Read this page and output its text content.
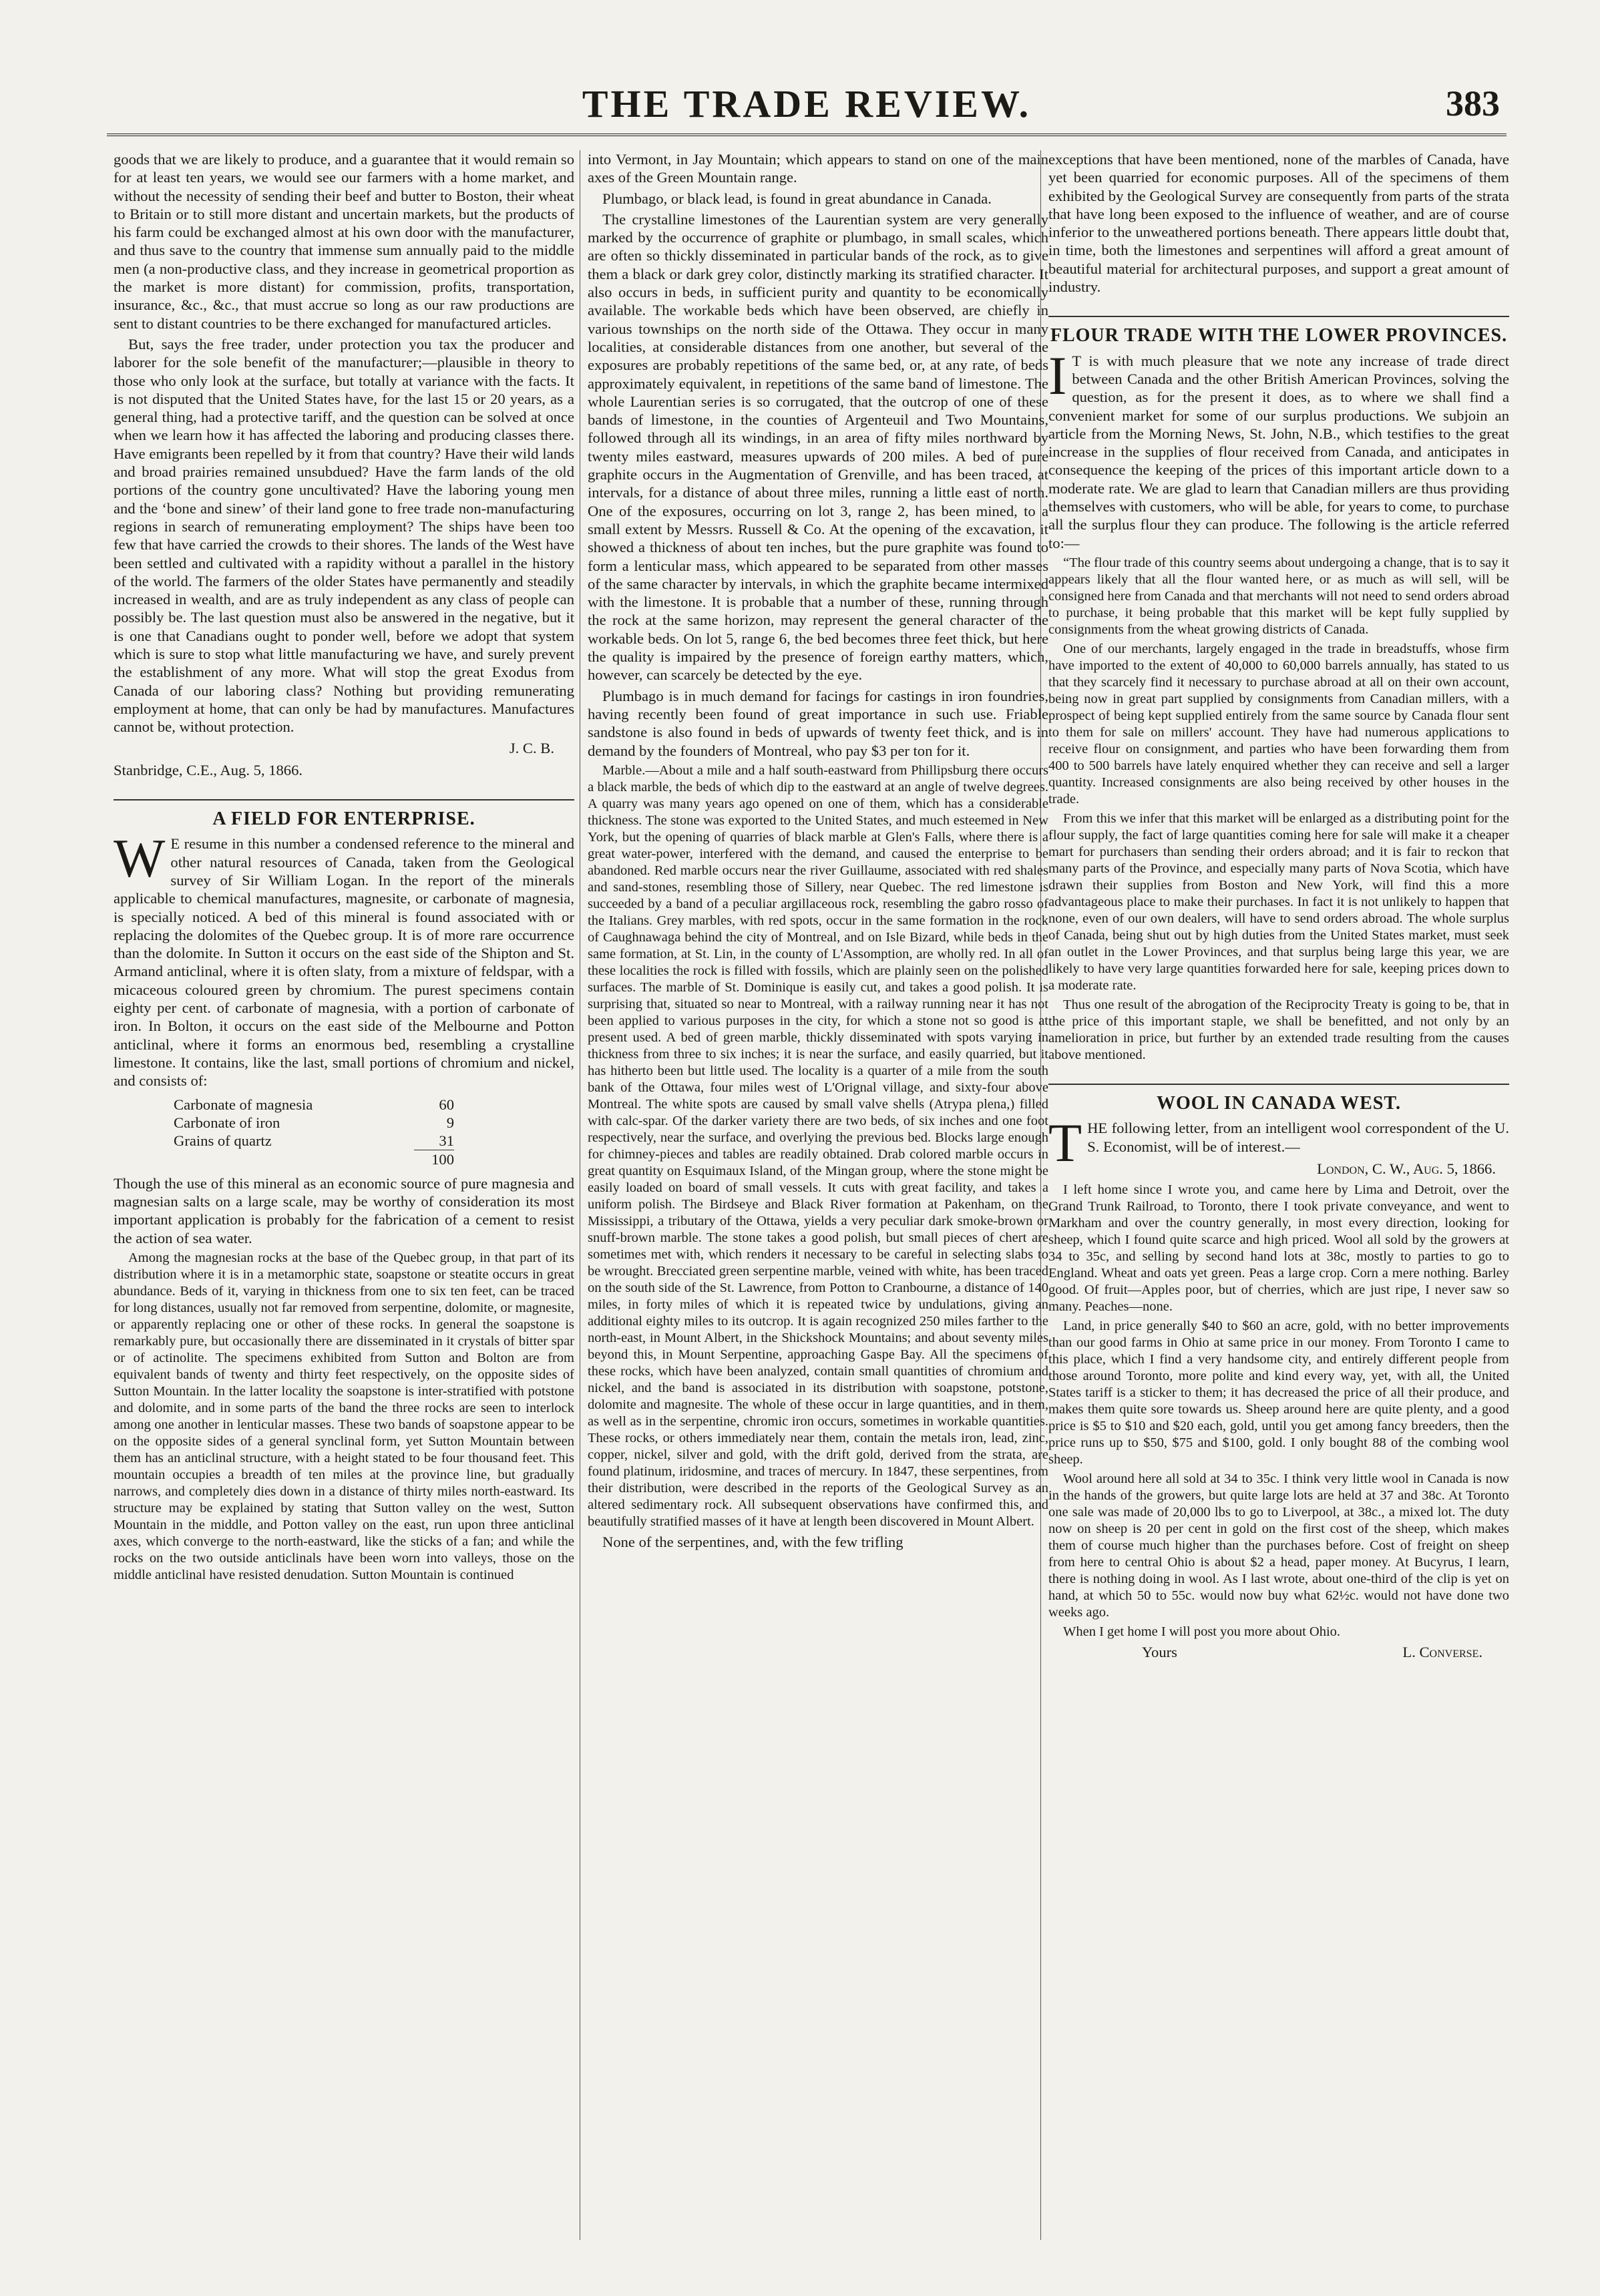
THE TRADE REVIEW.	383

goods that we are likely to produce, and a guarantee that it would remain so for at least ten years, we would see our farmers with a home market, and without the necessity of sending their beef and butter to Boston, their wheat to Britain or to still more distant and uncertain markets, but the products of his farm could be exchanged almost at his own door with the manufacturer, and thus save to the country that immense sum annually paid to the middle men (a non-productive class, and they increase in geometrical proportion as the market is more distant) for commission, profits, transportation, insurance, &c., &c., that must accrue so long as our raw productions are sent to distant countries to be there exchanged for manufactured articles.

But, says the free trader, under protection you tax the producer and laborer for the sole benefit of the manufacturer;—plausible in theory to those who only look at the surface, but totally at variance with the facts. It is not disputed that the United States have, for the last 15 or 20 years, as a general thing, had a protective tariff, and the question can be solved at once when we learn how it has affected the laboring and producing classes there. Have emigrants been repelled by it from that country? Have their wild lands and broad prairies remained unsubdued? Have the farm lands of the old portions of the country gone uncultivated? Have the laboring young men and the ‘bone and sinew’ of their land gone to free trade non-manufacturing regions in search of remunerating employment? The ships have been too few that have carried the crowds to their shores. The lands of the West have been settled and cultivated with a rapidity without a parallel in the history of the world. The farmers of the older States have permanently and steadily increased in wealth, and are as truly independent as any class of people can possibly be. The last question must also be answered in the negative, but it is one that Canadians ought to ponder well, before we adopt that system which is sure to stop what little manufacturing we have, and surely prevent the establishment of any more. What will stop the great Exodus from Canada of our laboring class? Nothing but providing remunerating employment at home, that can only be had by manufactures. Manufactures cannot be, without protection.

J. C. B.

Stanbridge, C.E., Aug. 5, 1866.

A FIELD FOR ENTERPRISE.

WE resume in this number a condensed reference to the mineral and other natural resources of Canada, taken from the Geological survey of Sir William Logan. In the report of the minerals applicable to chemical manufactures, magnesite, or carbonate of magnesia, is specially noticed. A bed of this mineral is found associated with or replacing the dolomites of the Quebec group. It is of more rare occurrence than the dolomite. In Sutton it occurs on the east side of the Shipton and St. Armand anticlinal, where it is often slaty, from a mixture of feldspar, with a micaceous coloured green by chromium. The purest specimens contain eighty per cent. of carbonate of magnesia, with a portion of carbonate of iron. In Bolton, it occurs on the east side of the Melbourne and Potton anticlinal, where it forms an enormous bed, resembling a crystalline limestone. It contains, like the last, small portions of chromium and nickel, and consists of:

Carbonate of magnesia	60
Carbonate of iron	9
Grains of quartz	31
100

Though the use of this mineral as an economic source of pure magnesia and magnesian salts on a large scale, may be worthy of consideration its most important application is probably for the fabrication of a cement to resist the action of sea water.

Among the magnesian rocks at the base of the Quebec group, in that part of its distribution where it is in a metamorphic state, soapstone or steatite occurs in great abundance. Beds of it, varying in thickness from one to six ten feet, can be traced for long distances, usually not far removed from serpentine, dolomite, or magnesite, or apparently replacing one or other of these rocks. In general the soapstone is remarkably pure, but occasionally there are disseminated in it crystals of bitter spar or of actinolite. The specimens exhibited from Sutton and Bolton are from equivalent bands of twenty and thirty feet respectively, on the opposite sides of Sutton Mountain. In the latter locality the soapstone is inter-stratified with potstone and dolomite, and in some parts of the band the three rocks are seen to interlock among one another in lenticular masses. These two bands of soapstone appear to be on the opposite sides of a general synclinal form, yet Sutton Mountain between them has an anticlinal structure, with a height stated to be four thousand feet. This mountain occupies a breadth of ten miles at the province line, but gradually narrows, and completely dies down in a distance of thirty miles north-eastward. Its structure may be explained by stating that Sutton valley on the west, Sutton Mountain in the middle, and Potton valley on the east, run upon three anticlinal axes, which converge to the north-eastward, like the sticks of a fan; and while the rocks on the two outside anticlinals have been worn into valleys, those on the middle anticlinal have resisted denudation. Sutton Mountain is continued

into Vermont, in Jay Mountain; which appears to stand on one of the main axes of the Green Mountain range.

Plumbago, or black lead, is found in great abundance in Canada.

The crystalline limestones of the Laurentian system are very generally marked by the occurrence of graphite or plumbago, in small scales, which are often so thickly disseminated in particular bands of the rock, as to give them a black or dark grey color, distinctly marking its stratified character. It also occurs in beds, in sufficient purity and quantity to be economically available. The workable beds which have been observed, are chiefly in various townships on the north side of the Ottawa. They occur in many localities, at considerable distances from one another, but several of the exposures are probably repetitions of the same bed, or, at any rate, of beds approximately equivalent, in repetitions of the same band of limestone. The whole Laurentian series is so corrugated, that the outcrop of one of these bands of limestone, in the counties of Argenteuil and Two Mountains, followed through all its windings, in an area of fifty miles northward by twenty miles eastward, measures upwards of 200 miles. A bed of pure graphite occurs in the Augmentation of Grenville, and has been traced, at intervals, for a distance of about three miles, running a little east of north. One of the exposures, occurring on lot 3, range 2, has been mined, to a small extent by Messrs. Russell & Co. At the opening of the excavation, it showed a thickness of about ten inches, but the pure graphite was found to form a lenticular mass, which appeared to be separated from other masses of the same character by intervals, in which the graphite became intermixed with the limestone. It is probable that a number of these, running through the rock at the same horizon, may represent the general character of the workable beds. On lot 5, range 6, the bed becomes three feet thick, but here the quality is impaired by the presence of foreign earthy matters, which, however, can scarcely be detected by the eye.

Plumbago is in much demand for facings for castings in iron foundries, having recently been found of great importance in such use. Friable sandstone is also found in beds of upwards of twenty feet thick, and is in demand by the founders of Montreal, who pay $3 per ton for it.

Marble.—About a mile and a half south-eastward from Phillipsburg there occurs a black marble, the beds of which dip to the eastward at an angle of twelve degrees. A quarry was many years ago opened on one of them, which has a considerable thickness. The stone was exported to the United States, and much esteemed in New York, but the opening of quarries of black marble at Glen's Falls, where there is a great water-power, interfered with the demand, and caused the enterprise to be abandoned. Red marble occurs near the river Guillaume, associated with red shales and sand-stones, resembling those of Sillery, near Quebec. The red limestone is succeeded by a band of a peculiar argillaceous rock, resembling the gabro rosso of the Italians. Grey marbles, with red spots, occur in the same formation in the rock of Caughnawaga behind the city of Montreal, and on Isle Bizard, while beds in the same formation, at St. Lin, in the county of L'Assomption, are wholly red. In all of these localities the rock is filled with fossils, which are plainly seen on the polished surfaces. The marble of St. Dominique is easily cut, and takes a good polish. It is surprising that, situated so near to Montreal, with a railway running near it has not been applied to various purposes in the city, for which a stone not so good is at present used. A bed of green marble, thickly disseminated with spots varying in thickness from three to six inches; it is near the surface, and easily quarried, but it has hitherto been but little used. The locality is a quarter of a mile from the south bank of the Ottawa, four miles west of L'Orignal village, and sixty-four above Montreal. The white spots are caused by small valve shells (Atrypa plena,) filled with calc-spar. Of the darker variety there are two beds, of six inches and one foot respectively, near the surface, and overlying the previous bed. Blocks large enough for chimney-pieces and tables are readily obtained. Drab colored marble occurs in great quantity on Esquimaux Island, of the Mingan group, where the stone might be easily loaded on board of small vessels. It cuts with great facility, and takes a uniform polish. The Birdseye and Black River formation at Pakenham, on the Mississippi, a tributary of the Ottawa, yields a very peculiar dark smoke-brown or snuff-brown marble. The stone takes a good polish, but small pieces of chert are sometimes met with, which renders it necessary to be careful in selecting slabs to be wrought. Brecciated green serpentine marble, veined with white, has been traced on the south side of the St. Lawrence, from Potton to Cranbourne, a distance of 140 miles, in forty miles of which it is repeated twice by undulations, giving an additional eighty miles to its outcrop. It is again recognized 250 miles farther to the north-east, in Mount Albert, in the Shickshock Mountains; and about seventy miles beyond this, in Mount Serpentine, approaching Gaspe Bay. All the specimens of these rocks, which have been analyzed, contain small quantities of chromium and nickel, and the band is associated in its distribution with soapstone, potstone, dolomite and magnesite. The whole of these occur in large quantities, and in them, as well as in the serpentine, chromic iron occurs, sometimes in workable quantities. These rocks, or others immediately near them, contain the metals iron, lead, zinc, copper, nickel, silver and gold, with the drift gold, derived from the strata, are found platinum, iridosmine, and traces of mercury. In 1847, these serpentines, from their distribution, were described in the reports of the Geological Survey as an altered sedimentary rock. All subsequent observations have confirmed this, and beautifully stratified masses of it have at length been discovered in Mount Albert.

None of the serpentines, and, with the few trifling

exceptions that have been mentioned, none of the marbles of Canada, have yet been quarried for economic purposes. All of the specimens of them exhibited by the Geological Survey are consequently from parts of the strata that have long been exposed to the influence of weather, and are of course inferior to the unweathered portions beneath. There appears little doubt that, in time, both the limestones and serpentines will afford a great amount of beautiful material for architectural purposes, and support a great amount of industry.

FLOUR TRADE WITH THE LOWER PROVINCES.

IT is with much pleasure that we note any increase of trade direct between Canada and the other British American Provinces, solving the question, as for the present it does, as to where we shall find a convenient market for some of our surplus productions. We subjoin an article from the Morning News, St. John, N.B., which testifies to the great increase in the supplies of flour received from Canada, and anticipates in consequence the keeping of the prices of this important article down to a moderate rate. We are glad to learn that Canadian millers are thus providing themselves with customers, who will be able, for years to come, to purchase all the surplus flour they can produce. The following is the article referred to:—

“The flour trade of this country seems about undergoing a change, that is to say it appears likely that all the flour wanted here, or as much as will sell, will be consigned here from Canada and that merchants will not need to send orders abroad to purchase, it being probable that this market will be kept fully supplied by consignments from the wheat growing districts of Canada.

One of our merchants, largely engaged in the trade in breadstuffs, whose firm have imported to the extent of 40,000 to 60,000 barrels annually, has stated to us that they scarcely find it necessary to purchase abroad at all on their own account, being now in great part supplied by consignments from Canadian millers, with a prospect of being kept supplied entirely from the same source by Canada flour sent to them for sale on millers' account. They have had numerous applications to receive flour on consignment, and parties who have been forwarding them from 400 to 500 barrels have lately enquired whether they can receive and sell a larger quantity. Increased consignments are also being received by other houses in the trade.

From this we infer that this market will be enlarged as a distributing point for the flour supply, the fact of large quantities coming here for sale will make it a cheaper mart for purchasers than sending their orders abroad; and it is fair to reckon that many parts of the Province, and especially many parts of Nova Scotia, which have drawn their supplies from Boston and New York, will find this a more advantageous place to make their purchases. In fact it is not unlikely to happen that none, even of our own dealers, will have to send orders abroad. The whole surplus of Canada, being shut out by high duties from the United States market, must seek an outlet in the Lower Provinces, and that surplus being large this year, we are likely to have very large quantities forwarded here for sale, keeping prices down to a moderate rate.

Thus one result of the abrogation of the Reciprocity Treaty is going to be, that in the price of this important staple, we shall be benefitted, and not only by an amelioration in price, but further by an extended trade resulting from the causes above mentioned.

WOOL IN CANADA WEST.

THE following letter, from an intelligent wool correspondent of the U. S. Economist, will be of interest.—

London, C. W., Aug. 5, 1866.

I left home since I wrote you, and came here by Lima and Detroit, over the Grand Trunk Railroad, to Toronto, there I took private conveyance, and went to Markham and over the country generally, in most every direction, looking for sheep, which I found quite scarce and high priced. Wool all sold by the growers at 34 to 35c, and selling by second hand lots at 38c, mostly to parties to go to England. Wheat and oats yet green. Peas a large crop. Corn a mere nothing. Barley good. Of fruit—Apples poor, but of cherries, which are just ripe, I never saw so many. Peaches—none.

Land, in price generally $40 to $60 an acre, gold, with no better improvements than our good farms in Ohio at same price in our money. From Toronto I came to this place, which I find a very handsome city, and entirely different people from those around Toronto, more polite and kind every way, yet, with all, the United States tariff is a sticker to them; it has decreased the price of all their produce, and makes them quite sore towards us. Sheep around here are quite plenty, and a good price is $5 to $10 and $20 each, gold, until you get among fancy breeders, then the price runs up to $50, $75 and $100, gold. I only bought 88 of the combing wool sheep.

Wool around here all sold at 34 to 35c. I think very little wool in Canada is now in the hands of the growers, but quite large lots are held at 37 and 38c. At Toronto one sale was made of 20,000 lbs to go to Liverpool, at 38c., a mixed lot. The duty now on sheep is 20 per cent in gold on the first cost of the sheep, which makes them of course much higher than the purchases before. Cost of freight on sheep from here to central Ohio is about $2 a head, paper money. At Bucyrus, I learn, there is nothing doing in wool. As I last wrote, about one-third of the clip is yet on hand, at which 50 to 55c. would now buy what 62½c. would not have done two weeks ago.

When I get home I will post you more about Ohio.

Yours	L. Converse.
